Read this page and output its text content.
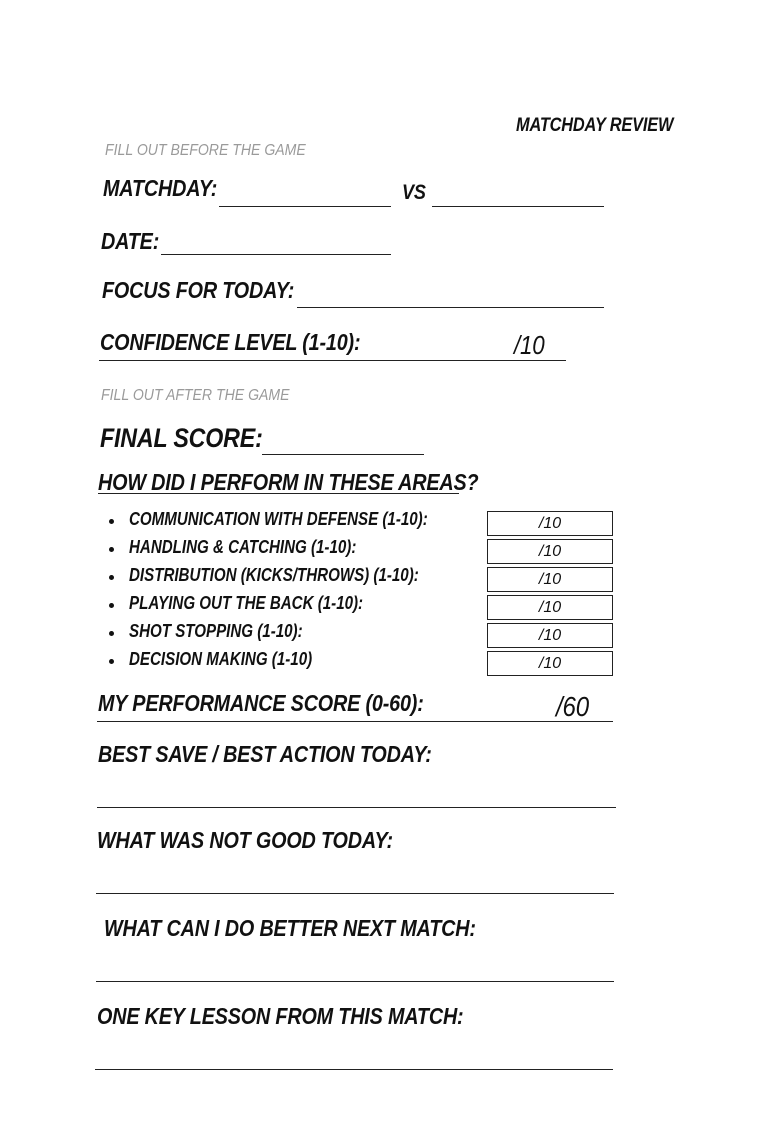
MATCHDAY REVIEW
FILL OUT BEFORE THE GAME
MATCHDAY:	VS
DATE:
FOCUS FOR TODAY:
CONFIDENCE LEVEL (1-10):	/10
FILL OUT AFTER THE GAME
FINAL SCORE:
HOW DID I PERFORM IN THESE AREAS?
COMMUNICATION WITH DEFENSE (1-10):	/10
HANDLING & CATCHING (1-10):	/10
DISTRIBUTION (KICKS/THROWS) (1-10):	/10
PLAYING OUT THE BACK (1-10):	/10
SHOT STOPPING (1-10):	/10
DECISION MAKING (1-10)	/10
MY PERFORMANCE SCORE (0-60):	/60
BEST SAVE / BEST ACTION TODAY:
WHAT WAS NOT GOOD TODAY:
WHAT CAN I DO BETTER NEXT MATCH:
ONE KEY LESSON FROM THIS MATCH:
